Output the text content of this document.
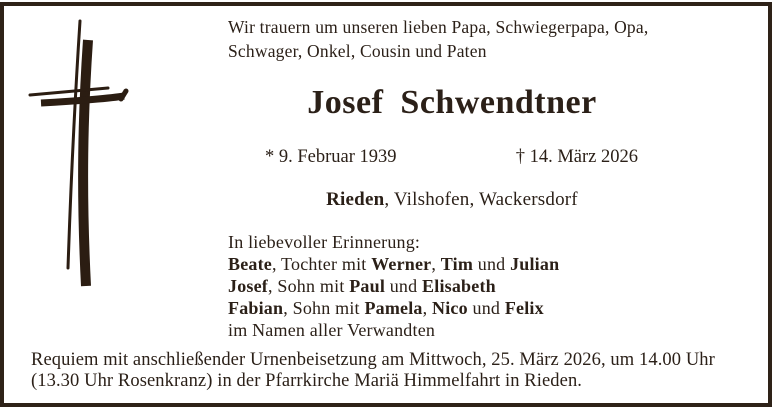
Wir trauern um unseren lieben Papa, Schwiegerpapa, Opa,
Schwager, Onkel, Cousin und Paten
Josef Schwendtner
* 9. Februar 1939	† 14. März 2026
Rieden, Vilshofen, Wackersdorf
In liebevoller Erinnerung:
Beate, Tochter mit Werner, Tim und Julian
Josef, Sohn mit Paul und Elisabeth
Fabian, Sohn mit Pamela, Nico und Felix
im Namen aller Verwandten
Requiem mit anschließender Urnenbeisetzung am Mittwoch, 25. März 2026, um 14.00 Uhr
(13.30 Uhr Rosenkranz) in der Pfarrkirche Mariä Himmelfahrt in Rieden.
